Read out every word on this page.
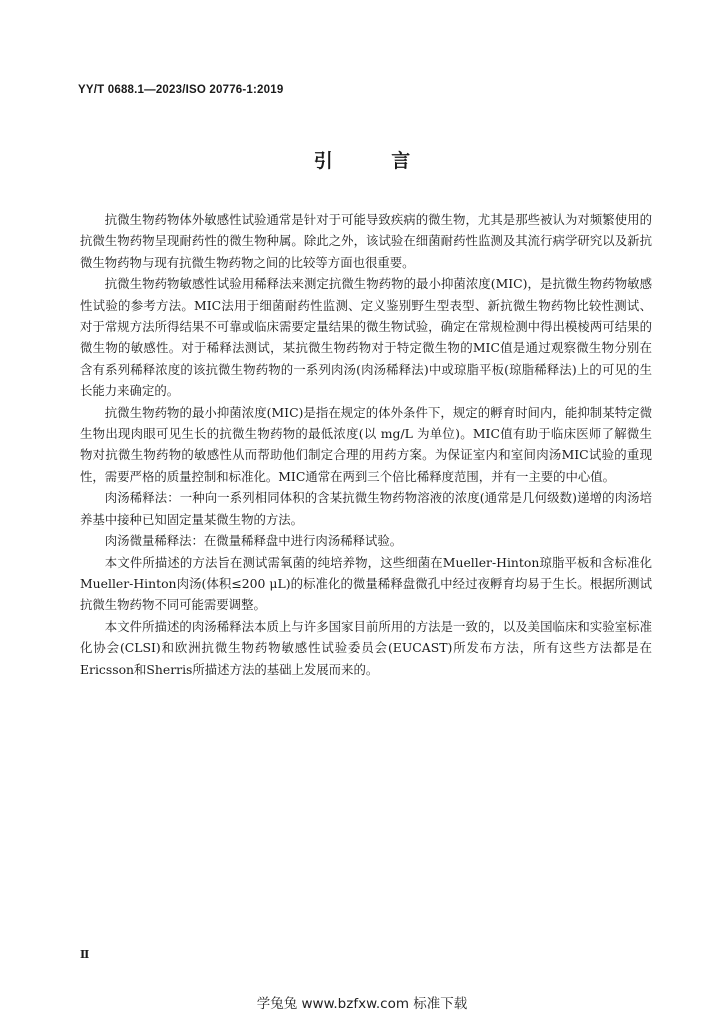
YY/T 0688.1—2023/ISO 20776-1:2019
引 言

抗微生物药物体外敏感性试验通常是针对于可能导致疾病的微生物，尤其是那些被认为对频繁使用的抗微生物药物呈现耐药性的微生物种属。除此之外，该试验在细菌耐药性监测及其流行病学研究以及新抗微生物药物与现有抗微生物药物之间的比较等方面也很重要。

抗微生物药物敏感性试验用稀释法来测定抗微生物药物的最小抑菌浓度(MIC)，是抗微生物药物敏感性试验的参考方法。MIC法用于细菌耐药性监测、定义鉴别野生型表型、新抗微生物药物比较性测试、对于常规方法所得结果不可靠或临床需要定量结果的微生物试验，确定在常规检测中得出模棱两可结果的微生物的敏感性。对于稀释法测试，某抗微生物药物对于特定微生物的MIC值是通过观察微生物分别在含有系列稀释浓度的该抗微生物药物的一系列肉汤(肉汤稀释法)中或琼脂平板(琼脂稀释法)上的可见的生长能力来确定的。

抗微生物药物的最小抑菌浓度(MIC)是指在规定的体外条件下，规定的孵育时间内，能抑制某特定微生物出现肉眼可见生长的抗微生物药物的最低浓度(以 mg/L 为单位)。MIC值有助于临床医师了解微生物对抗微生物药物的敏感性从而帮助他们制定合理的用药方案。为保证室内和室间肉汤MIC试验的重现性，需要严格的质量控制和标准化。MIC通常在两到三个倍比稀释度范围，并有一主要的中心值。

肉汤稀释法：一种向一系列相同体积的含某抗微生物药物溶液的浓度(通常是几何级数)递增的肉汤培养基中接种已知固定量某微生物的方法。

肉汤微量稀释法：在微量稀释盘中进行肉汤稀释试验。

本文件所描述的方法旨在测试需氧菌的纯培养物，这些细菌在Mueller-Hinton琼脂平板和含标准化Mueller-Hinton肉汤(体积≤200 μL)的标准化的微量稀释盘微孔中经过夜孵育均易于生长。根据所测试抗微生物药物不同可能需要调整。

本文件所描述的肉汤稀释法本质上与许多国家目前所用的方法是一致的，以及美国临床和实验室标准化协会(CLSI)和欧洲抗微生物药物敏感性试验委员会(EUCAST)所发布方法，所有这些方法都是在Ericsson和Sherris所描述方法的基础上发展而来的。

Ⅱ
学兔兔 www.bzfxw.com 标准下载
